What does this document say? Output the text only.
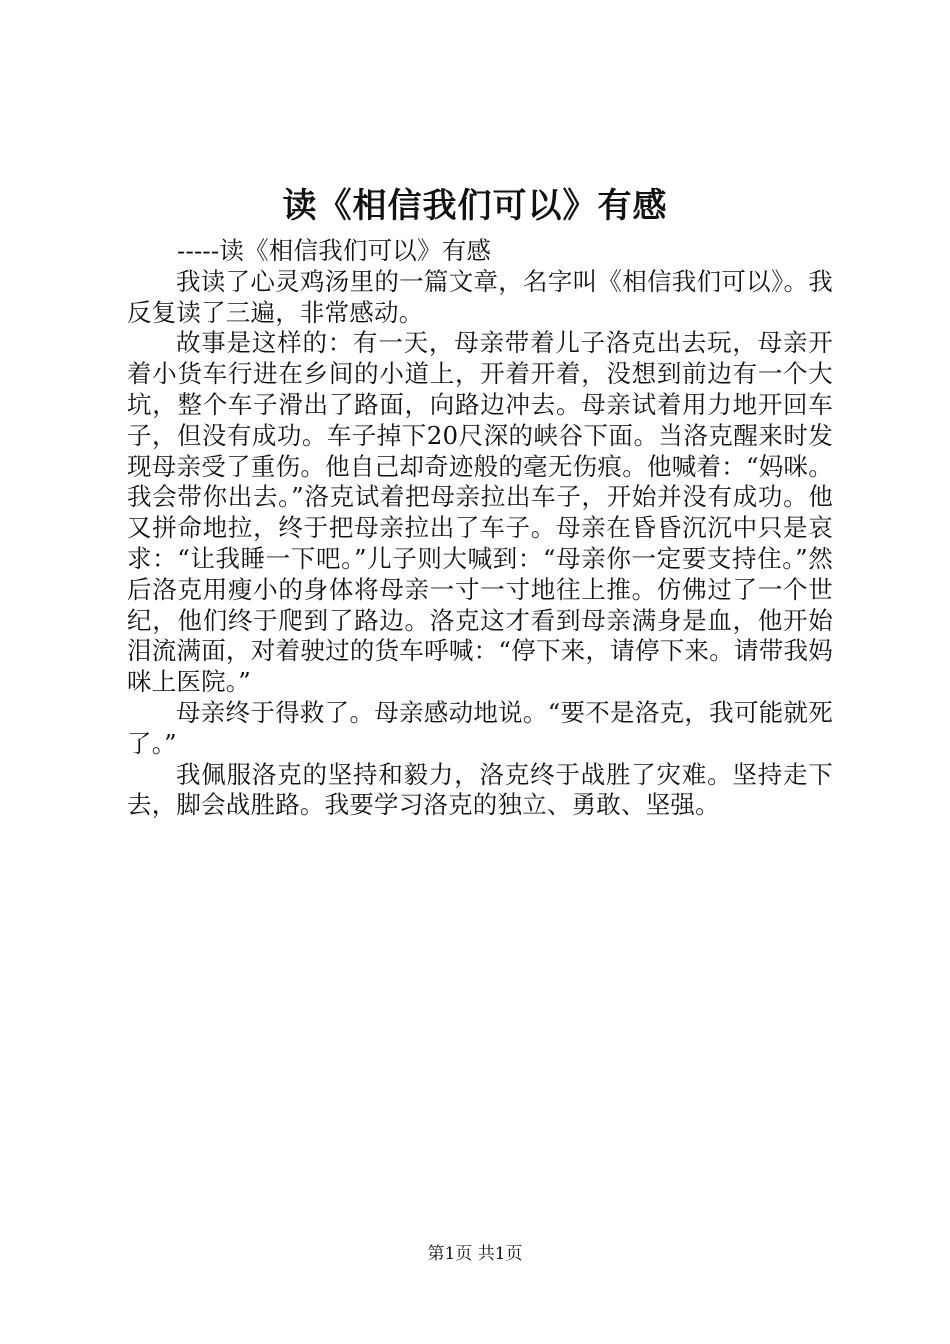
读《相信我们可以》有感

-----读《相信我们可以》有感

我读了心灵鸡汤里的一篇文章，名字叫《相信我们可以》。我反复读了三遍，非常感动。

故事是这样的：有一天，母亲带着儿子洛克出去玩，母亲开着小货车行进在乡间的小道上，开着开着，没想到前边有一个大坑，整个车子滑出了路面，向路边冲去。母亲试着用力地开回车子，但没有成功。车子掉下20尺深的峡谷下面。当洛克醒来时发现母亲受了重伤。他自己却奇迹般的毫无伤痕。他喊着：“妈咪。我会带你出去。”洛克试着把母亲拉出车子，开始并没有成功。他又拼命地拉，终于把母亲拉出了车子。母亲在昏昏沉沉中只是哀求：“让我睡一下吧。”儿子则大喊到：“母亲你一定要支持住。”然后洛克用瘦小的身体将母亲一寸一寸地往上推。仿佛过了一个世纪，他们终于爬到了路边。洛克这才看到母亲满身是血，他开始泪流满面，对着驶过的货车呼喊：“停下来，请停下来。请带我妈咪上医院。”

母亲终于得救了。母亲感动地说。“要不是洛克，我可能就死了。”

我佩服洛克的坚持和毅力，洛克终于战胜了灾难。坚持走下去，脚会战胜路。我要学习洛克的独立、勇敢、坚强。

第1页 共1页
